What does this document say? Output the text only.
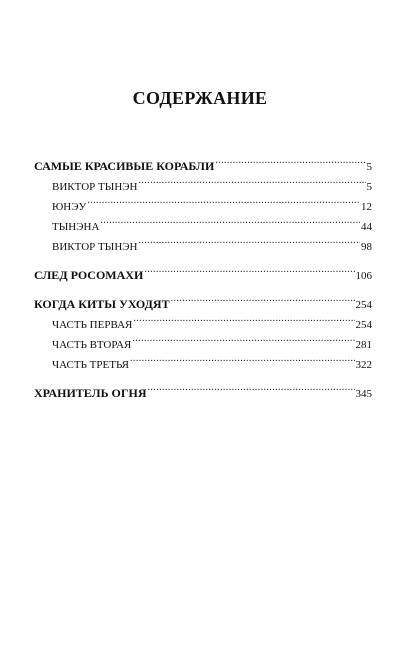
СОДЕРЖАНИЕ
САМЫЕ КРАСИВЫЕ КОРАБЛИ .....	5
ВИКТОР ТЫНЭН .....	5
ЮНЭУ .....	12
ТЫНЭНА .....	44
ВИКТОР ТЫНЭН .....	98
СЛЕД РОСОМАХИ .....	106
КОГДА КИТЫ УХОДЯТ .....	254
ЧАСТЬ ПЕРВАЯ .....	254
ЧАСТЬ ВТОРАЯ .....	281
ЧАСТЬ ТРЕТЬЯ .....	322
ХРАНИТЕЛЬ ОГНЯ .....	345
